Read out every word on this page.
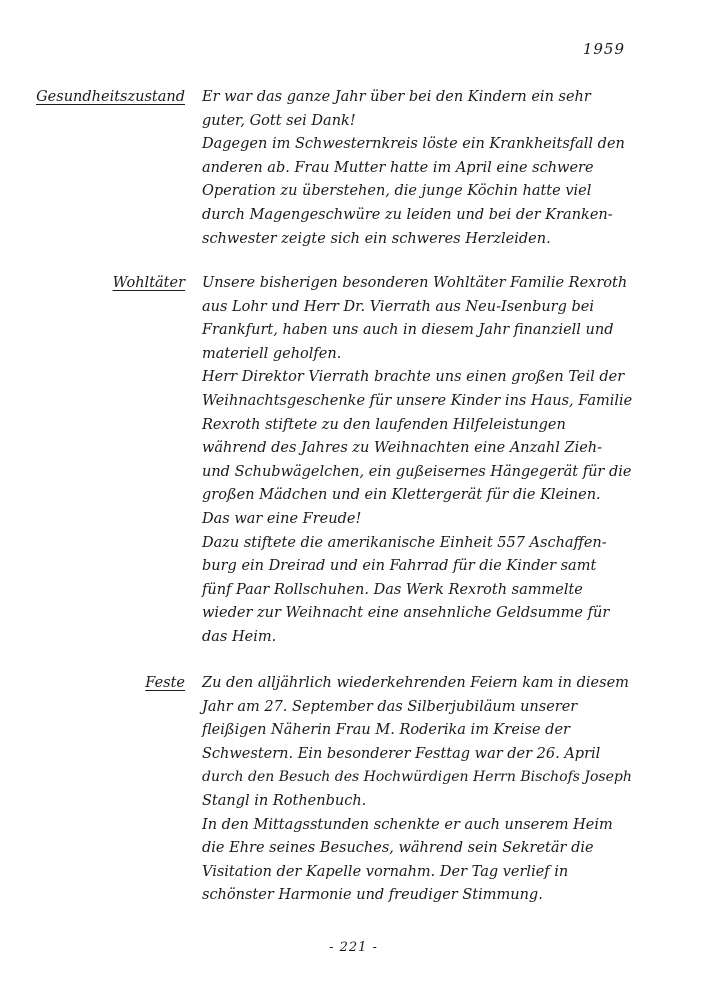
1959
Gesundheitszustand Er war das ganze Jahr über bei den Kindern ein sehr
guter, Gott sei Dank!
Dagegen im Schwesternkreis löste ein Krankheitsfall den
anderen ab. Frau Mutter hatte im April eine schwere
Operation zu überstehen, die junge Köchin hatte viel
durch Magengeschwüre zu leiden und bei der Kranken-
schwester zeigte sich ein schweres Herzleiden.
Wohltäter Unsere bisherigen besonderen Wohltäter Familie Rexroth
aus Lohr und Herr Dr. Vierrath aus Neu-Isenburg bei
Frankfurt, haben uns auch in diesem Jahr finanziell und
materiell geholfen.
Herr Direktor Vierrath brachte uns einen großen Teil der
Weihnachtsgeschenke für unsere Kinder ins Haus, Familie
Rexroth stiftete zu den laufenden Hilfeleistungen
während des Jahres zu Weihnachten eine Anzahl Zieh-
und Schubwägelchen, ein gußeisernes Hängegerät für die
großen Mädchen und ein Klettergerät für die Kleinen.
Das war eine Freude!
Dazu stiftete die amerikanische Einheit 557 Aschaffen-
burg ein Dreirad und ein Fahrrad für die Kinder samt
fünf Paar Rollschuhen. Das Werk Rexroth sammelte
wieder zur Weihnacht eine ansehnliche Geldsumme für
das Heim.
Feste Zu den alljährlich wiederkehrenden Feiern kam in diesem
Jahr am 27. September das Silberjubiläum unserer
fleißigen Näherin Frau M. Roderika im Kreise der
Schwestern. Ein besonderer Festtag war der 26. April
durch den Besuch des Hochwürdigen Herrn Bischofs Joseph
Stangl in Rothenbuch.
In den Mittagsstunden schenkte er auch unserem Heim
die Ehre seines Besuches, während sein Sekretär die
Visitation der Kapelle vornahm. Der Tag verlief in
schönster Harmonie und freudiger Stimmung.
- 221 -
